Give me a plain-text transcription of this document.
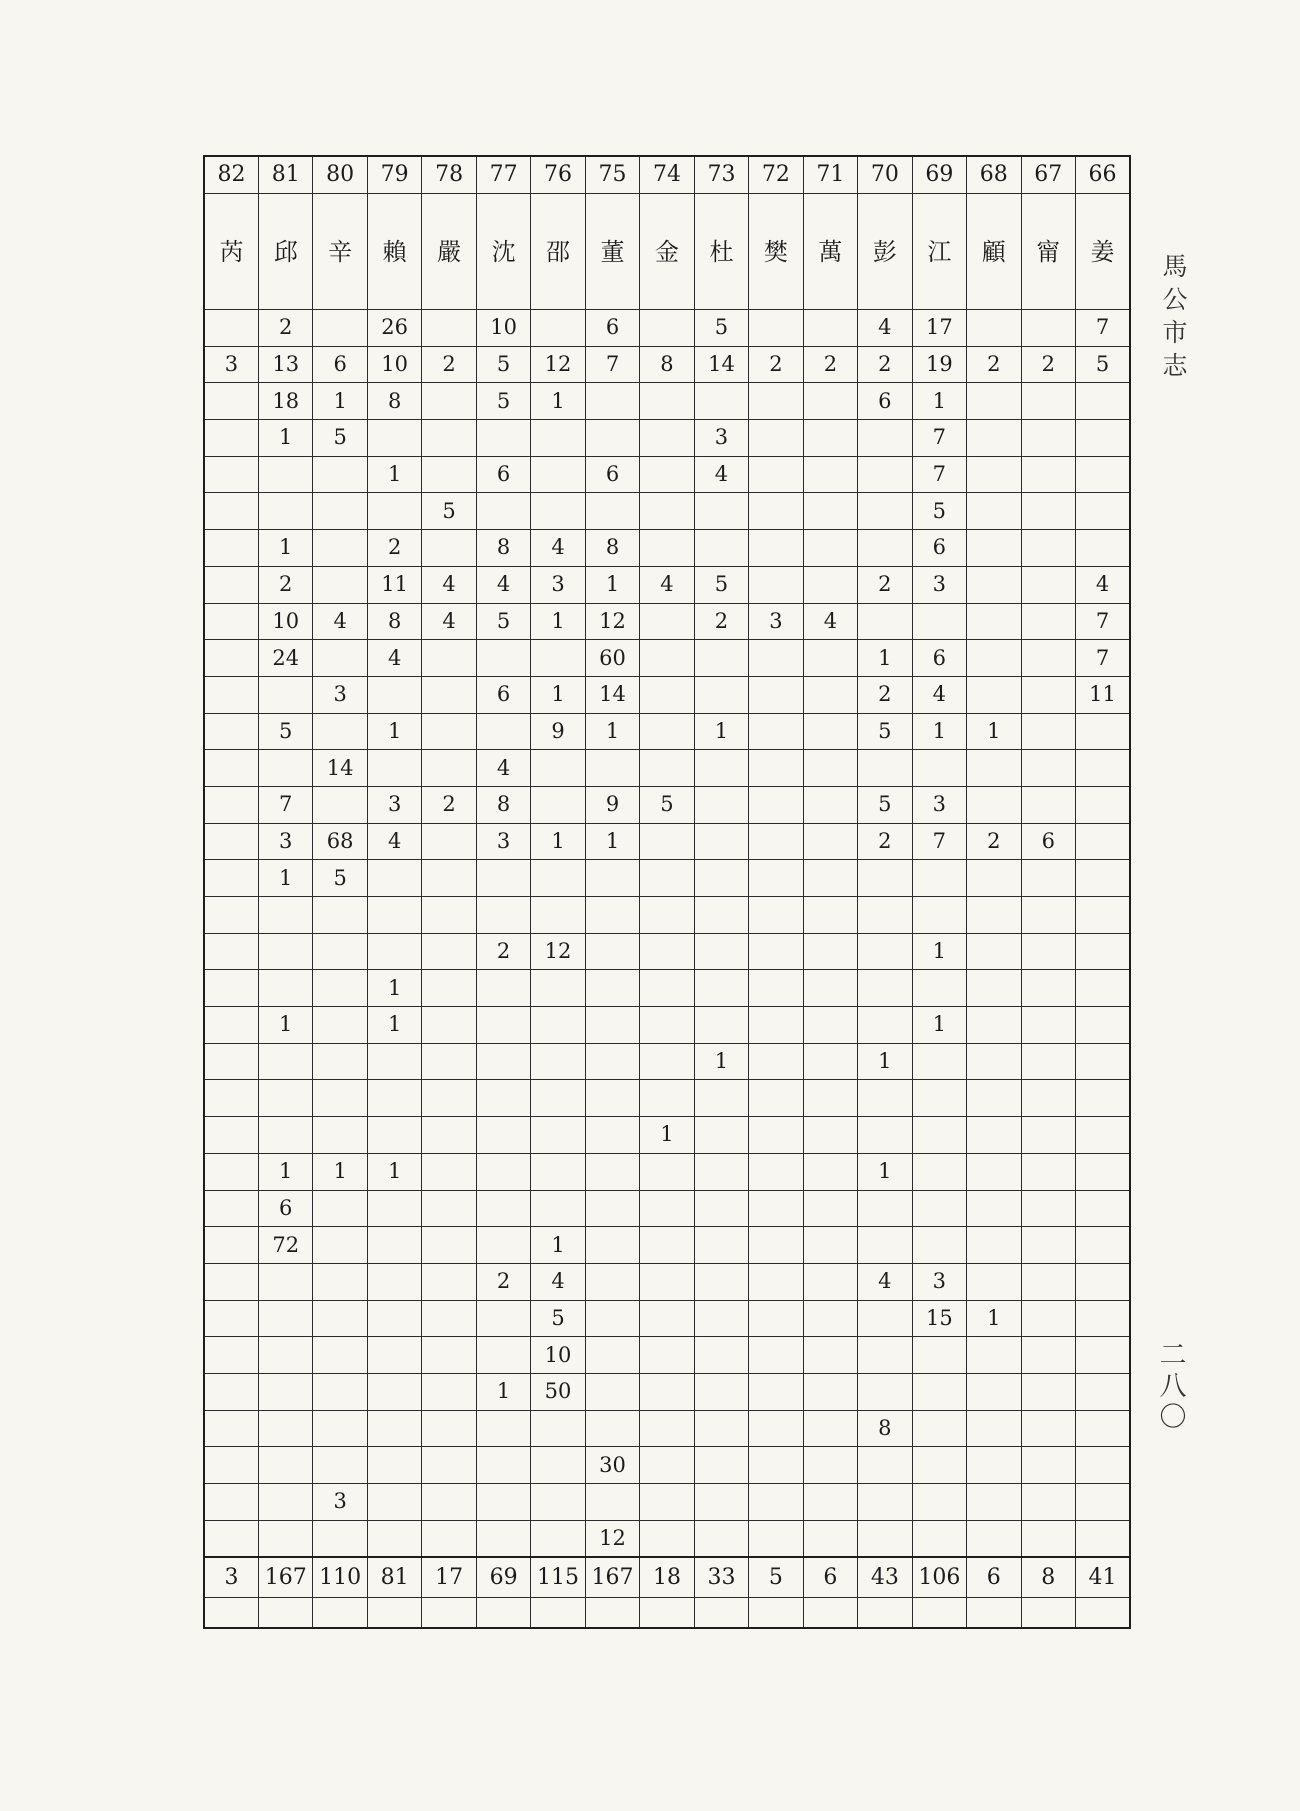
82	81	80	79	78	77	76	75	74	73	72	71	70	69	68	67	66
芮	邱	辛	賴	嚴	沈	邵	董	金	杜	樊	萬	彭	江	顧	甯	姜
	2		26		10		6		5			4	17			7
3	13	6	10	2	5	12	7	8	14	2	2	2	19	2	2	5
	18	1	8		5	1						6	1			
	1	5							3				7			
			1		6		6		4				7			
				5									5			
	1		2		8	4	8						6			
	2		11	4	4	3	1	4	5			2	3			4
	10	4	8	4	5	1	12		2	3	4					7
	24		4				60					1	6			7
		3			6	1	14					2	4			11
	5		1			9	1		1			5	1	1		
		14			4											
	7		3	2	8		9	5				5	3			
	3	68	4		3	1	1					2	7	2	6	
	1	5														

					2	12							1			
			1													
	1		1										1			
									1			1				

								1								
	1	1	1									1				
	6															
	72					1										
					2	4						4	3			
						5							15	1		
						10										
					1	50										
												8				
							30									
		3														
							12									
3	167	110	81	17	69	115	167	18	33	5	6	43	106	6	8	41

馬
公
市
志
二
八
〇
